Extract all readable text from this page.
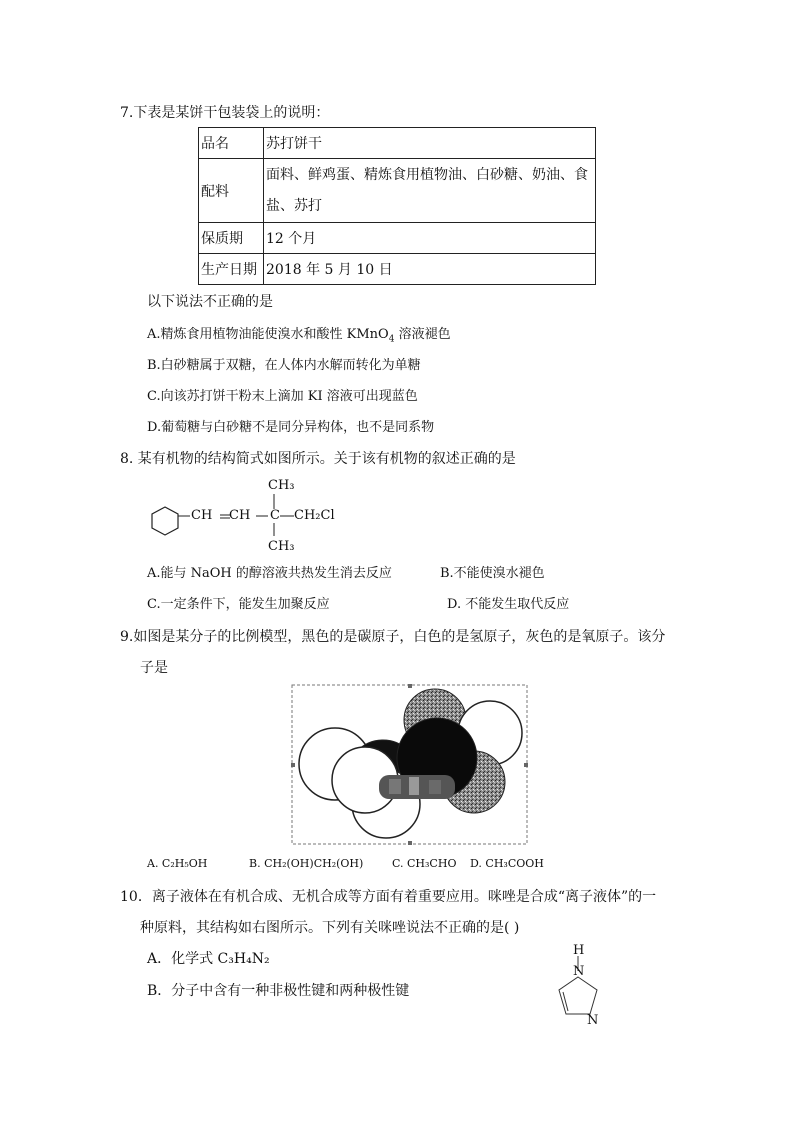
7.下表是某饼干包装袋上的说明：
品名	苏打饼干
配料	面料、鲜鸡蛋、精炼食用植物油、白砂糖、奶油、食
盐、苏打

保质期	12 个月
生产日期	2018 年 5 月 10 日
以下说法不正确的是
A.精炼食用植物油能使溴水和酸性 KMnO$_4$ 溶液褪色
B.白砂糖属于双糖，在人体内水解而转化为单糖
C.向该苏打饼干粉末上滴加 KI 溶液可出现蓝色
D.葡萄糖与白砂糖不是同分异构体，也不是同系物
8. 某有机物的结构简式如图所示。关于该有机物的叙述正确的是
CH CH C CH₂Cl
CH₃
CH₃
A.能与 NaOH 的醇溶液共热发生消去反应	B.不能使溴水褪色
C.一定条件下，能发生加聚反应	D. 不能发生取代反应
9.如图是某分子的比例模型，黑色的是碳原子，白色的是氢原子，灰色的是氧原子。该分
子是
A. C₂H₅OH	B. CH₂(OH)CH₂(OH)	C. CH₃CHO D. CH₃COOH
10．离子液体在有机合成、无机合成等方面有着重要应用。咪唑是合成“离子液体”的一
种原料，其结构如右图所示。下列有关咪唑说法不正确的是( )
A．化学式 C₃H₄N₂
B．分子中含有一种非极性键和两种极性键
H
N
N
